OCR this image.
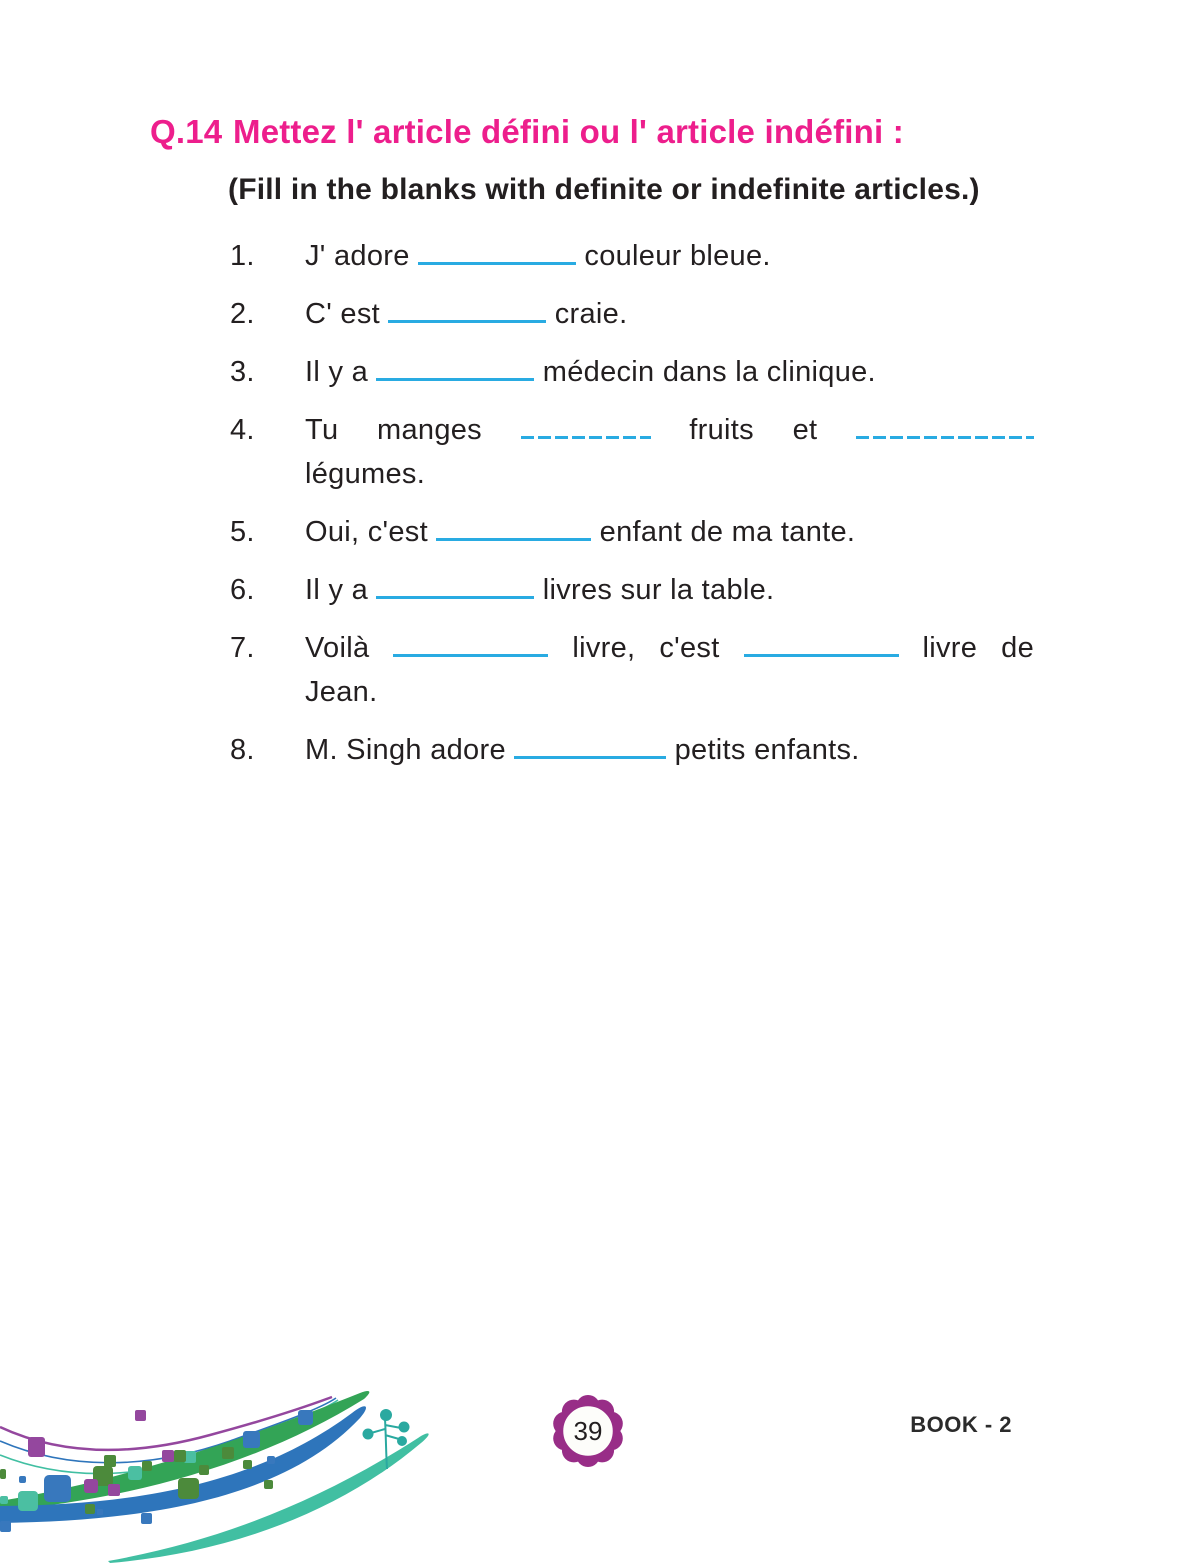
Q.14 Mettez l' article défini ou l' article indéfini :
(Fill in the blanks with definite or indefinite articles.)
1.	J' adore	couleur bleue.
2.	C' est	craie.
3.	Il y a	médecin dans la clinique.
4.	Tu manges	fruits et
légumes.
5.	Oui, c'est	enfant de ma tante.
6.	Il y a	livres sur la table.
7.	Voilà	livre, c'est	livre de
Jean.
8.	M. Singh adore	petits enfants.
39	BOOK - 2
